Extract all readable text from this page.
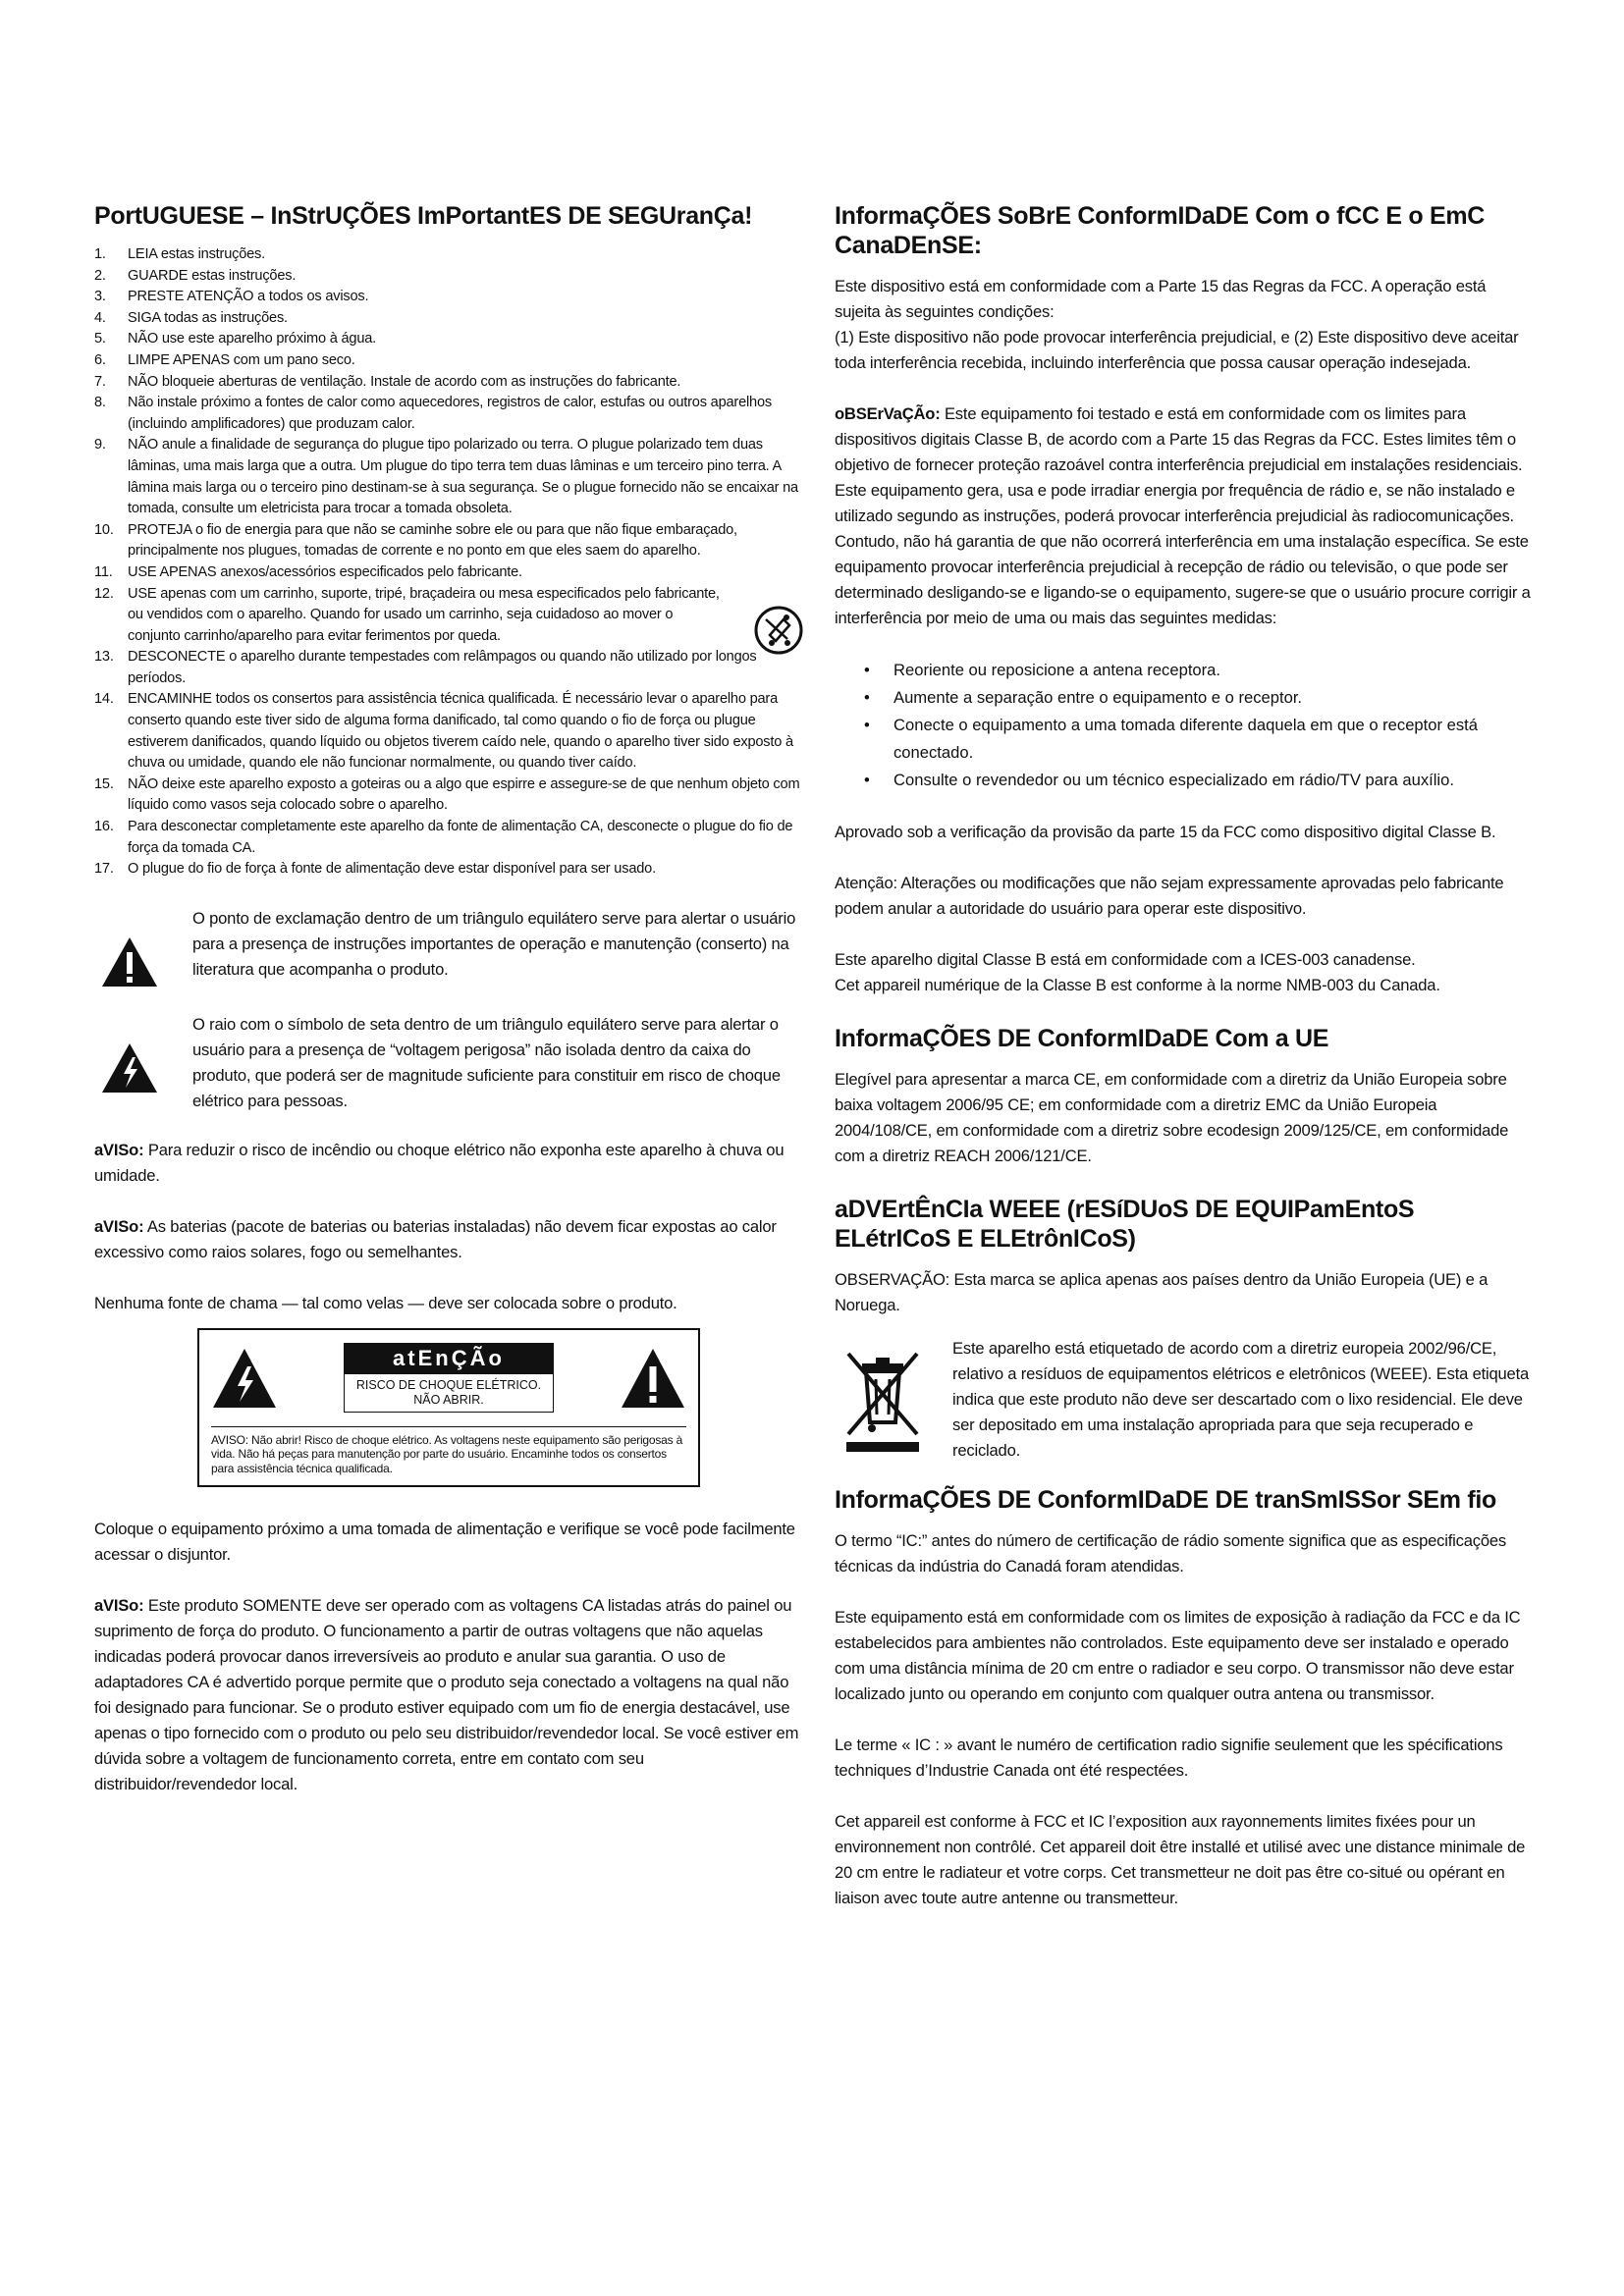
PortUGUESE – InStrUÇÕES ImPortantES DE SEGUranÇa!
1. LEIA estas instruções.
2. GUARDE estas instruções.
3. PRESTE ATENÇÃO a todos os avisos.
4. SIGA todas as instruções.
5. NÃO use este aparelho próximo à água.
6. LIMPE APENAS com um pano seco.
7. NÃO bloqueie aberturas de ventilação. Instale de acordo com as instruções do fabricante.
8. Não instale próximo a fontes de calor como aquecedores, registros de calor, estufas ou outros aparelhos (incluindo amplificadores) que produzam calor.
9. NÃO anule a finalidade de segurança do plugue tipo polarizado ou terra. O plugue polarizado tem duas lâminas, uma mais larga que a outra. Um plugue do tipo terra tem duas lâminas e um terceiro pino terra. A lâmina mais larga ou o terceiro pino destinam-se à sua segurança. Se o plugue fornecido não se encaixar na tomada, consulte um eletricista para trocar a tomada obsoleta.
10. PROTEJA o fio de energia para que não se caminhe sobre ele ou para que não fique embaraçado, principalmente nos plugues, tomadas de corrente e no ponto em que eles saem do aparelho.
11. USE APENAS anexos/acessórios especificados pelo fabricante.
12. USE apenas com um carrinho, suporte, tripé, braçadeira ou mesa especificados pelo fabricante, ou vendidos com o aparelho. Quando for usado um carrinho, seja cuidadoso ao mover o conjunto carrinho/aparelho para evitar ferimentos por queda.
13. DESCONECTE o aparelho durante tempestades com relâmpagos ou quando não utilizado por longos períodos.
14. ENCAMINHE todos os consertos para assistência técnica qualificada. É necessário levar o aparelho para conserto quando este tiver sido de alguma forma danificado, tal como quando o fio de força ou plugue estiverem danificados, quando líquido ou objetos tiverem caído nele, quando o aparelho tiver sido exposto à chuva ou umidade, quando ele não funcionar normalmente, ou quando tiver caído.
15. NÃO deixe este aparelho exposto a goteiras ou a algo que espirre e assegure-se de que nenhum objeto com líquido como vasos seja colocado sobre o aparelho.
16. Para desconectar completamente este aparelho da fonte de alimentação CA, desconecte o plugue do fio de força da tomada CA.
17. O plugue do fio de força à fonte de alimentação deve estar disponível para ser usado.

O ponto de exclamação dentro de um triângulo equilátero serve para alertar o usuário para a presença de instruções importantes de operação e manutenção (conserto) na literatura que acompanha o produto.

O raio com o símbolo de seta dentro de um triângulo equilátero serve para alertar o usuário para a presença de “voltagem perigosa” não isolada dentro da caixa do produto, que poderá ser de magnitude suficiente para constituir em risco de choque elétrico para pessoas.

aVISo: Para reduzir o risco de incêndio ou choque elétrico não exponha este aparelho à chuva ou umidade.

aVISo: As baterias (pacote de baterias ou baterias instaladas) não devem ficar expostas ao calor excessivo como raios solares, fogo ou semelhantes.

Nenhuma fonte de chama — tal como velas — deve ser colocada sobre o produto.

atEnÇÃo
RISCO DE CHOQUE ELÉTRICO. NÃO ABRIR.

AVISO: Não abrir! Risco de choque elétrico. As voltagens neste equipamento são perigosas à vida. Não há peças para manutenção por parte do usuário. Encaminhe todos os consertos para assistência técnica qualificada.

Coloque o equipamento próximo a uma tomada de alimentação e verifique se você pode facilmente acessar o disjuntor.

aVISo: Este produto SOMENTE deve ser operado com as voltagens CA listadas atrás do painel ou suprimento de força do produto. O funcionamento a partir de outras voltagens que não aquelas indicadas poderá provocar danos irreversíveis ao produto e anular sua garantia. O uso de adaptadores CA é advertido porque permite que o produto seja conectado a voltagens na qual não foi designado para funcionar. Se o produto estiver equipado com um fio de energia destacável, use apenas o tipo fornecido com o produto ou pelo seu distribuidor/revendedor local. Se você estiver em dúvida sobre a voltagem de funcionamento correta, entre em contato com seu distribuidor/revendedor local.

InformaÇÕES SoBrE ConformIDaDE Com o fCC E o EmC CanaDEnSE:

Este dispositivo está em conformidade com a Parte 15 das Regras da FCC. A operação está sujeita às seguintes condições:

(1) Este dispositivo não pode provocar interferência prejudicial, e (2) Este dispositivo deve aceitar toda interferência recebida, incluindo interferência que possa causar operação indesejada.

oBSErVaÇÃo: Este equipamento foi testado e está em conformidade com os limites para dispositivos digitais Classe B, de acordo com a Parte 15 das Regras da FCC. Estes limites têm o objetivo de fornecer proteção razoável contra interferência prejudicial em instalações residenciais. Este equipamento gera, usa e pode irradiar energia por frequência de rádio e, se não instalado e utilizado segundo as instruções, poderá provocar interferência prejudicial às radiocomunicações. Contudo, não há garantia de que não ocorrerá interferência em uma instalação específica. Se este equipamento provocar interferência prejudicial à recepção de rádio ou televisão, o que pode ser determinado desligando-se e ligando-se o equipamento, sugere-se que o usuário procure corrigir a interferência por meio de uma ou mais das seguintes medidas:

• Reoriente ou reposicione a antena receptora.
• Aumente a separação entre o equipamento e o receptor.
• Conecte o equipamento a uma tomada diferente daquela em que o receptor está conectado.
• Consulte o revendedor ou um técnico especializado em rádio/TV para auxílio.

Aprovado sob a verificação da provisão da parte 15 da FCC como dispositivo digital Classe B.

Atenção: Alterações ou modificações que não sejam expressamente aprovadas pelo fabricante podem anular a autoridade do usuário para operar este dispositivo.

Este aparelho digital Classe B está em conformidade com a ICES-003 canadense.

Cet appareil numérique de la Classe B est conforme à la norme NMB-003 du Canada.

InformaÇÕES DE ConformIDaDE Com a UE

Elegível para apresentar a marca CE, em conformidade com a diretriz da União Europeia sobre baixa voltagem 2006/95 CE; em conformidade com a diretriz EMC da União Europeia 2004/108/CE, em conformidade com a diretriz sobre ecodesign 2009/125/CE, em conformidade com a diretriz REACH 2006/121/CE.

aDVErtÊnCIa WEEE (rESíDUoS DE EQUIPamEntoS ELétrICoS E ELEtrônICoS)

OBSERVAÇÃO: Esta marca se aplica apenas aos países dentro da União Europeia (UE) e a Noruega.

Este aparelho está etiquetado de acordo com a diretriz europeia 2002/96/CE, relativo a resíduos de equipamentos elétricos e eletrônicos (WEEE). Esta etiqueta indica que este produto não deve ser descartado com o lixo residencial. Ele deve ser depositado em uma instalação apropriada para que seja recuperado e reciclado.

InformaÇÕES DE ConformIDaDE DE tranSmISSor SEm fio

O termo “IC:” antes do número de certificação de rádio somente significa que as especificações técnicas da indústria do Canadá foram atendidas.

Este equipamento está em conformidade com os limites de exposição à radiação da FCC e da IC estabelecidos para ambientes não controlados. Este equipamento deve ser instalado e operado com uma distância mínima de 20 cm entre o radiador e seu corpo. O transmissor não deve estar localizado junto ou operando em conjunto com qualquer outra antena ou transmissor.

Le terme « IC : » avant le numéro de certification radio signifie seulement que les spécifications techniques d’Industrie Canada ont été respectées.

Cet appareil est conforme à FCC et IC l’exposition aux rayonnements limites fixées pour un environnement non contrôlé. Cet appareil doit être installé et utilisé avec une distance minimale de 20 cm entre le radiateur et votre corps. Cet transmetteur ne doit pas être co-situé ou opérant en liaison avec toute autre antenne ou transmetteur.
